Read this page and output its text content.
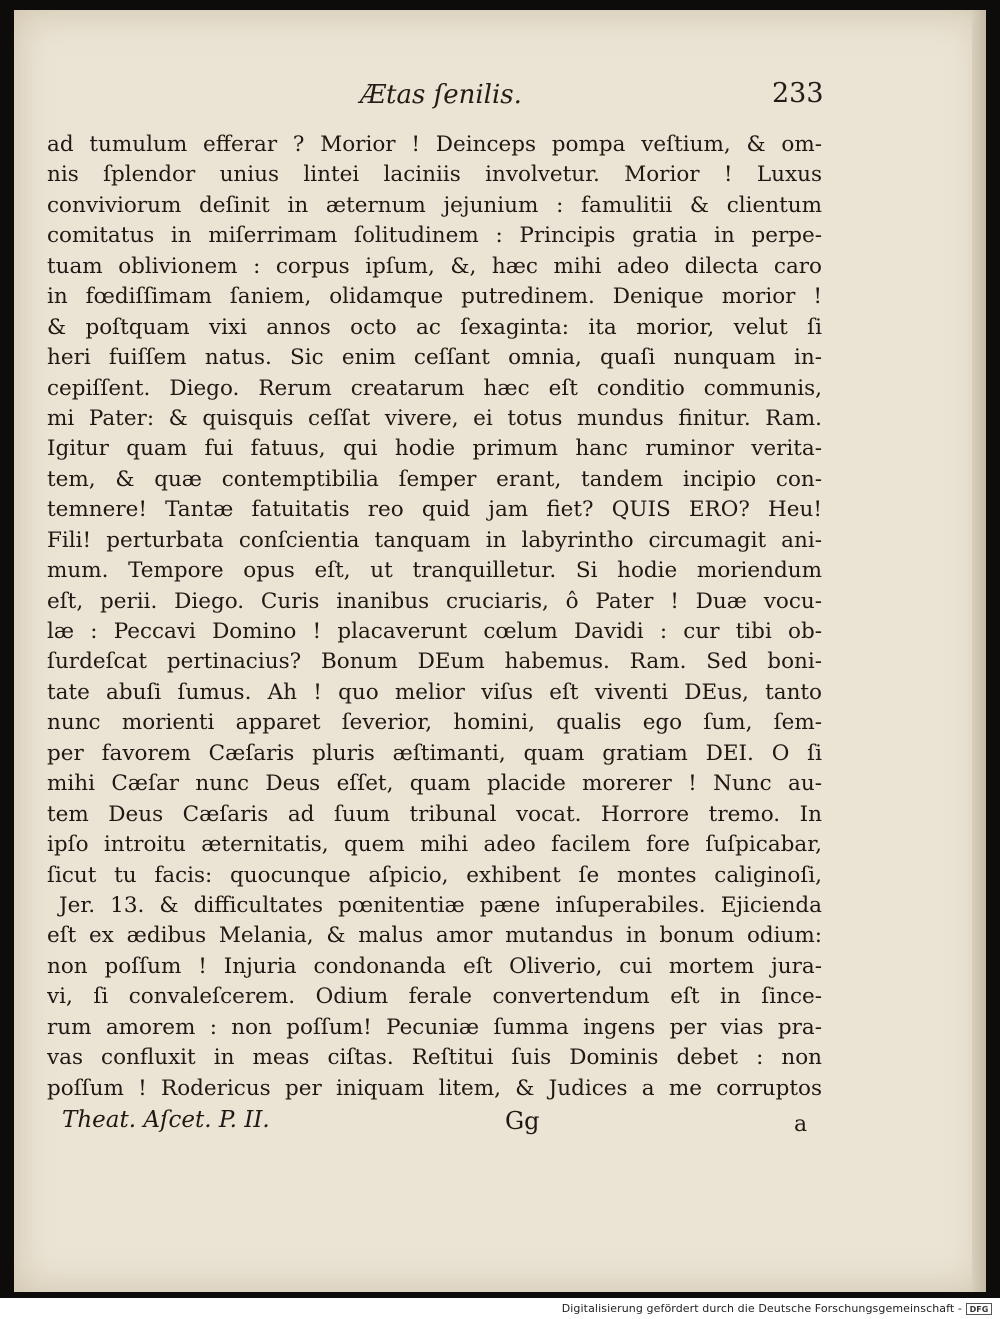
Ætas ſenilis.	233
ad tumulum efferar ? Morior ! Deinceps pompa veſtium, & om-
nis ſplendor unius lintei laciniis involvetur. Morior ! Luxus
conviviorum deſinit in æternum jejunium : famulitii & clientum
comitatus in miſerrimam ſolitudinem : Principis gratia in perpe-
tuam oblivionem : corpus ipſum, &, hæc mihi adeo dilecta caro
in fœdiſſimam ſaniem, olidamque putredinem. Denique morior !
& poſtquam vixi annos octo ac ſexaginta: ita morior, velut ſi
heri fuiſſem natus. Sic enim ceſſant omnia, quaſi nunquam in-
cepiſſent. Diego. Rerum creatarum hæc eſt conditio communis,
mi Pater: & quisquis ceſſat vivere, ei totus mundus finitur. Ram.
Igitur quam fui fatuus, qui hodie primum hanc ruminor verita-
tem, & quæ contemptibilia ſemper erant, tandem incipio con-
temnere! Tantæ fatuitatis reo quid jam fiet? QUIS ERO? Heu!
Fili! perturbata conſcientia tanquam in labyrintho circumagit ani-
mum. Tempore opus eſt, ut tranquilletur. Si hodie moriendum
eſt, perii. Diego. Curis inanibus cruciaris, ô Pater ! Duæ vocu-
læ : Peccavi Domino ! placaverunt cœlum Davidi : cur tibi ob-
ſurdeſcat pertinacius? Bonum DEum habemus. Ram. Sed boni-
tate abuſi ſumus. Ah ! quo melior viſus eſt viventi DEus, tanto
nunc morienti apparet ſeverior, homini, qualis ego ſum, ſem-
per favorem Cæſaris pluris æſtimanti, quam gratiam DEI. O ſi
mihi Cæſar nunc Deus eſſet, quam placide morerer ! Nunc au-
tem Deus Cæſaris ad ſuum tribunal vocat. Horrore tremo. In
ipſo introitu æternitatis, quem mihi adeo facilem fore ſuſpicabar,
ſicut tu facis: quocunque aſpicio, exhibent ſe montes caliginoſi,
Jer. 13. & difficultates pœnitentiæ pæne inſuperabiles. Ejicienda
eſt ex ædibus Melania, & malus amor mutandus in bonum odium:
non poſſum ! Injuria condonanda eſt Oliverio, cui mortem jura-
vi, ſi convaleſcerem. Odium ferale convertendum eſt in ſince-
rum amorem : non poſſum! Pecuniæ ſumma ingens per vias pra-
vas confluxit in meas ciſtas. Reſtitui ſuis Dominis debet : non
poſſum ! Rodericus per iniquam litem, & Judices a me corruptos
Theat. Aſcet. P. II.	Gg	a
Digitalisierung gefördert durch die Deutsche Forschungsgemeinschaft - DFG
